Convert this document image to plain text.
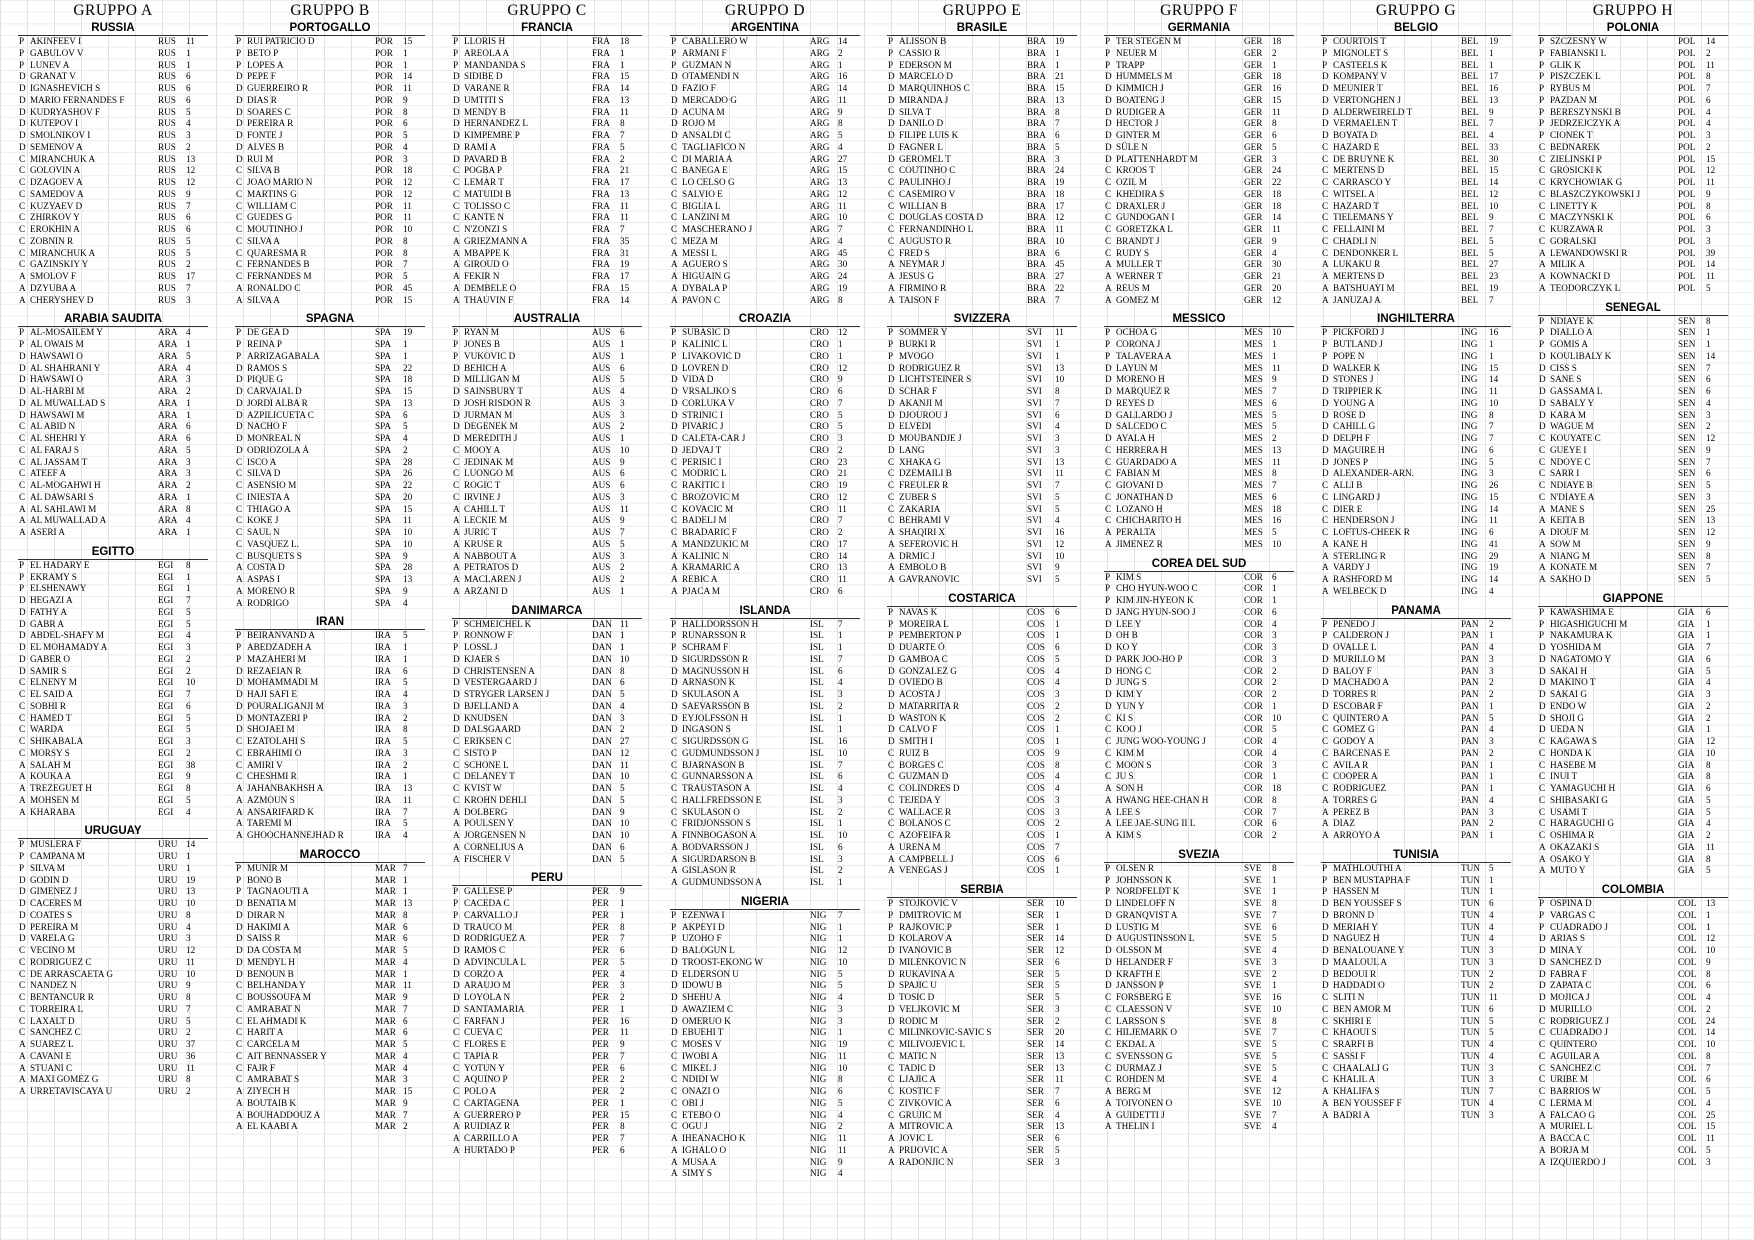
GRUPPO A
RUSSIA
P AKINFEEV I	RUS	11
P GABULOV V	RUS	1
P LUNEV A	RUS	1
D GRANAT V	RUS	6
D IGNASHEVICH S	RUS	6
D MARIO FERNANDES F	RUS	6
D KUDRYASHOV F	RUS	5
D KUTEPOV I	RUS	4
D SMOLNIKOV I	RUS	3
D SEMENOV A	RUS	2
C MIRANCHUK A	RUS	13
C GOLOVIN A	RUS	12
C DZAGOEV A	RUS	12
C SAMEDOV A	RUS	9
C KUZYAEV D	RUS	7
C ZHIRKOV Y	RUS	6
C EROKHIN A	RUS	6
C ZOBNIN R	RUS	5
C MIRANCHUK A	RUS	5
C GAZINSKIY Y	RUS	2
A SMOLOV F	RUS	17
A DZYUBA A	RUS	7
A CHERYSHEV D	RUS	3
ARABIA SAUDITA
P AL-MOSAILEM Y	ARA 4
P AL OWAIS M	ARA 1
D HAWSAWI O	ARA 5
D AL SHAHRANI Y	ARA 4
D HAWSAWI O	ARA 3
D AL-HARBI M	ARA 2
D AL MUWALLAD S	ARA 1
D HAWSAWI M	ARA 1
C AL ABID N	ARA 6
C AL SHEHRI Y	ARA 6
C AL FARAJ S	ARA 5
C AL JASSAM T	ARA 3
C ATEEF A	ARA 3
C AL-MOGAHWI H	ARA 2
C AL DAWSARI S	ARA 1
A AL SAHLAWI M	ARA 8
A AL MUWALLAD A	ARA 4
A ASERI A	ARA 1
EGITTO
P EL HADARY E	EGI	8
P EKRAMY S	EGI	1
P ELSHENAWY	EGI	1
D HEGAZI A	EGI	7
D FATHY A	EGI	5
D GABR A	EGI	5
D ABDEL-SHAFY M	EGI	4
D EL MOHAMADY A	EGI	3
D GABER O	EGI	2
D SAMIR S	EGI	2
C ELNENY M	EGI	10
C EL SAID A	EGI	7
C SOBHI R	EGI	6
C HAMED T	EGI	5
C WARDA	EGI	5
C SHIKABALA	EGI	3
C MORSY S	EGI	2
A SALAH M	EGI	38
A KOUKA A	EGI	9
A TREZEGUET H	EGI	8
A MOHSEN M	EGI	5
A KHARABA	EGI	4
URUGUAY
P MUSLERA F	URU 14
P CAMPANA M	URU 1
P SILVA M	URU 1
D GODIN D	URU 19
D GIMENEZ J	URU 13
D CACERES M	URU 10
D COATES S	URU 8
D PEREIRA M	URU 4
D VARELA G	URU 3
C VECINO M	URU 12
C RODRIGUEZ C	URU 11
C DE ARRASCAETA G	URU 10
C NANDEZ N	URU 9
C BENTANCUR R	URU 8
C TORREIRA L	URU 7
C LAXALT D	URU 5
C SANCHEZ C	URU 2
A SUAREZ L	URU 37
A CAVANI E	URU 36
A STUANI C	URU 11
A MAXI GOMEZ G	URU 8
A URRETAVISCAYA U	URU 2
GRUPPO B
PORTOGALLO
P RUI PATRICIO D	POR	15
P BETO P	POR	1
P LOPES A	POR	1
D PEPE F	POR	14
D GUERREIRO R	POR	11
D DIAS R	POR	9
D SOARES C	POR	8
D PEREIRA R	POR	6
D FONTE J	POR	5
D ALVES B	POR	4
D RUI M	POR	3
C SILVA B	POR	18
C JOAO MARIO N	POR	12
C MARTINS G	POR	12
C WILLIAM C	POR	11
C GUEDES G	POR	11
C MOUTINHO J	POR	10
C SILVA A	POR	8
C QUARESMA R	POR	8
C FERNANDES B	POR	7
C FERNANDES M	POR	5
A RONALDO C	POR	45
A SILVA A	POR	15
SPAGNA
P DE GEA D	SPA	19
P REINA P	SPA	1
P ARRIZAGABALA	SPA	1
D RAMOS S	SPA	22
D PIQUE G	SPA	18
D CARVAJAL D	SPA	15
D JORDI ALBA R	SPA	13
D AZPILICUETA C	SPA	6
D NACHO F	SPA	5
D MONREAL N	SPA	4
D ODRIOZOLA Á	SPA	2
C ISCO A	SPA	28
C SILVA D	SPA	26
C ASENSIO M	SPA	22
C INIESTA A	SPA	20
C THIAGO A	SPA	15
C KOKE J	SPA	11
C SAUL N	SPA	10
C VASQUEZ L.	SPA	10
C BUSQUETS S	SPA	9
A COSTA D	SPA	28
A ASPAS I	SPA	13
A MORENO R	SPA	9
A RODRIGO	SPA	4
IRAN
P BEIRANVAND A	IRA	5
P ABEDZADEH A	IRA	1
P MAZAHERI M	IRA	1
D REZAEIAN R	IRA	6
D MOHAMMADI M	IRA	5
D HAJI SAFI E	IRA	4
D POURALIGANJI M	IRA	3
D MONTAZERI P	IRA	2
D SHOJAEI M	IRA	8
C EZATOLAHI S	IRA	5
C EBRAHIMI O	IRA	3
C AMIRI V	IRA	2
C CHESHMI R	IRA	1
A JAHANBAKHSH A	IRA	13
A AZMOUN S	IRA	11
A ANSARIFARD K	IRA	7
A TAREMI M	IRA	5
A GHOOCHANNEJHAD R	IRA	4
MAROCCO
P MUNIR M	MAR 7
P BONO B	MAR 1
P TAGNAOUTI A	MAR 1
D BENATIA M	MAR 13
D DIRAR N	MAR 8
D HAKIMI A	MAR 6
D SAISS R	MAR 6
D DA COSTA M	MAR 5
D MENDYL H	MAR 4
D BENOUN B	MAR 1
C BELHANDA Y	MAR 11
C BOUSSOUFA M	MAR 9
C AMRABAT N	MAR 7
C EL AHMADI K	MAR 6
C HARIT A	MAR 6
C CARCELA M	MAR 5
C AIT BENNASSER Y	MAR 4
C FAJR F	MAR 4
C AMRABAT S	MAR 3
A ZIYECH H	MAR 15
A BOUTAIB K	MAR 9
A BOUHADDOUZ A	MAR 7
A EL KAABI A	MAR 2
GRUPPO C
FRANCIA
P LLORIS H	FRA	18
P AREOLA A	FRA	1
P MANDANDA S	FRA	1
D SIDIBE D	FRA	15
D VARANE R	FRA	14
D UMTITI S	FRA	13
D MENDY B	FRA	11
D HERNANDEZ L	FRA	8
D KIMPEMBE P	FRA	7
D RAMI A	FRA	5
D PAVARD B	FRA	2
C POGBA P	FRA	21
C LEMAR T	FRA	17
C MATUIDI B	FRA	13
C TOLISSO C	FRA	11
C KANTE N	FRA	11
C N'ZONZI S	FRA	7
A GRIEZMANN A	FRA	35
A MBAPPE K	FRA	31
A GIROUD O	FRA	19
A FEKIR N	FRA	17
A DEMBELE O	FRA	15
A THAUVIN F	FRA	14
AUSTRALIA
P RYAN M	AUS	6
P JONES B	AUS	1
P VUKOVIC D	AUS	1
D BEHICH A	AUS	6
D MILLIGAN M	AUS	5
D SAINSBURY T	AUS	4
D JOSH RISDON R	AUS	3
D JURMAN M	AUS	3
D DEGENEK M	AUS	2
D MEREDITH J	AUS	1
C MOOY A	AUS	10
C JEDINAK M	AUS	9
C LUONGO M	AUS	6
C ROGIC T	AUS	6
C IRVINE J	AUS	3
A CAHILL T	AUS	11
A LECKIE M	AUS	9
A JURIC T	AUS	7
A KRUSE R	AUS	5
A NABBOUT A	AUS	3
A PETRATOS D	AUS	2
A MACLAREN J	AUS	2
A ARZANI D	AUS	1
DANIMARCA
P SCHMEICHEL K	DAN 11
P RONNOW F	DAN 1
P LOSSL J	DAN 1
D KJAER S	DAN 10
D CHRISTENSEN A	DAN 8
D VESTERGAARD J	DAN 6
D STRYGER LARSEN J	DAN 5
D BJELLAND A	DAN 4
D KNUDSEN	DAN 3
D DALSGAARD	DAN 2
C ERIKSEN C	DAN 27
C SISTO P	DAN 12
C SCHONE L	DAN 11
C DELANEY T	DAN 10
C KVIST W	DAN 5
C KROHN DEHLI	DAN 5
A DOLBERG	DAN 9
A POULSEN Y	DAN 10
A JORGENSEN N	DAN 10
A CORNELIUS A	DAN 6
A FISCHER V	DAN 5
PERU
P GALLESE P	PER	9
P CACEDA C	PER	1
P CARVALLO J	PER	1
D TRAUCO M	PER	8
D RODRIGUEZ A	PER	7
D RAMOS C	PER	6
D ADVINCULA L	PER	5
D CORZO A	PER	4
D ARAUJO M	PER	3
D LOYOLA N	PER	2
D SANTAMARIA	PER	1
C FARFAN J	PER	16
C CUEVA C	PER	11
C FLORES E	PER	9
C TAPIA R	PER	7
C YOTUN Y	PER	6
C AQUINO P	PER	2
C POLO A	PER	2
C CARTAGENA	PER	1
A GUERRERO P	PER	15
A RUIDIAZ R	PER	8
A CARRILLO A	PER	7
A HURTADO P	PER	6
GRUPPO D
ARGENTINA
P CABALLERO W	ARG 14
P ARMANI F	ARG 2
P GUZMAN N	ARG 1
D OTAMENDI N	ARG 16
D FAZIO F	ARG 14
D MERCADO G	ARG 11
D ACUNA M	ARG 9
D ROJO M	ARG 8
D ANSALDI C	ARG 5
C TAGLIAFICO N	ARG 4
C DI MARIA A	ARG 27
C BANEGA E	ARG 15
C LO CELSO G	ARG 13
C SALVIO E	ARG 12
C BIGLIA L	ARG 11
C LANZINI M	ARG 10
C MASCHERANO J	ARG 7
C MEZA M	ARG 4
A MESSI L	ARG 45
A AGUERO S	ARG 30
A HIGUAIN G	ARG 24
A DYBALA P	ARG 19
A PAVON C	ARG 8
CROAZIA
P SUBASIC D	CRO 12
P KALINIC L	CRO 1
P LIVAKOVIC D	CRO 1
D LOVREN D	CRO 12
D VIDA D	CRO 9
D VRSALJKO S	CRO 6
D CORLUKA V	CRO 7
D STRINIC I	CRO 5
D PIVARIC J	CRO 5
D CALETA-CAR J	CRO 3
D JEDVAJ T	CRO 2
C PERISIC I	CRO 23
C MODRIC L	CRO 21
C RAKITIC I	CRO 19
C BROZOVIC M	CRO 12
C KOVACIC M	CRO 11
C BADELJ M	CRO 7
C BRADARIC F	CRO 2
A MANDZUKIC M	CRO 17
A KALINIC N	CRO 14
A KRAMARIC A	CRO 13
A REBIC A	CRO 11
A PJACA M	CRO 6
ISLANDA
P HALLDORSSON H	ISL	7
P RUNARSSON R	ISL	1
P SCHRAM F	ISL	1
D SIGURDSSON R	ISL	7
D MAGNUSSON H	ISL	6
D ARNASON K	ISL	4
D SKULASON A	ISL	3
D SAEVARSSON B	ISL	2
D EYJOLFSSON H	ISL	1
D INGASON S	ISL	1
C SIGURDSSON G	ISL	16
C GUDMUNDSSON J	ISL	10
C BJARNASON B	ISL	7
C GUNNARSSON A	ISL	6
C TRAUSTASON A	ISL	4
C HALLFREDSSON E	ISL	3
C SKULASON O	ISL	2
C FRIDJONSSON S	ISL	1
A FINNBOGASON A	ISL	10
A BODVARSSON J	ISL	6
A SIGURDARSON B	ISL	3
A GISLASON R	ISL	2
A GUDMUNDSSON A	ISL	1
NIGERIA
P EZENWA I	NIG	7
P AKPEYI D	NIG	1
P UZOHO F	NIG	1
D BALOGUN L	NIG	12
D TROOST-EKONG W	NIG	10
D ELDERSON U	NIG	5
D IDOWU B	NIG	5
D SHEHU A	NIG	4
D AWAZIEM C	NIG	3
D OMERUO K	NIG	3
D EBUEHI T	NIG	1
C MOSES V	NIG	19
C IWOBI A	NIG	11
C MIKEL J	NIG	10
C NDIDI W	NIG	8
C ONAZI O	NIG	6
C OBI J	NIG	5
C ETEBO O	NIG	4
C OGU J	NIG	2
A IHEANACHO K	NIG	11
A IGHALO O	NIG	11
A MUSA A	NIG	9
A SIMY S	NIG	4
GRUPPO E
BRASILE
P ALISSON B	BRA 19
P CASSIO R	BRA 1
P EDERSON M	BRA 1
D MARCELO D	BRA 21
D MARQUINHOS C	BRA 15
D MIRANDA J	BRA 13
D SILVA T	BRA 8
D DANILO D	BRA 7
D FILIPE LUIS K	BRA 6
D FAGNER L	BRA 5
D GEROMEL T	BRA 3
C COUTINHO C	BRA 24
C PAULINHO J	BRA 19
C CASEMIRO V	BRA 18
C WILLIAN B	BRA 17
C DOUGLAS COSTA D	BRA 12
C FERNANDINHO L	BRA 11
C AUGUSTO R	BRA 10
C FRED S	BRA 6
A NEYMAR J	BRA 45
A JESUS G	BRA 27
A FIRMINO R	BRA 22
A TAISON F	BRA 7
SVIZZERA
P SOMMER Y	SVI	11
P BURKI R	SVI	1
P MVOGO	SVI	1
D RODRIGUEZ R	SVI	13
D LICHTSTEINER S	SVI	10
D SCHAR F	SVI	8
D AKANJI M	SVI	7
D DJOUROU J	SVI	6
D ELVEDI	SVI	4
D MOUBANDJE J	SVI	3
D LANG	SVI	3
C XHAKA G	SVI	13
C DZEMAILI B	SVI	11
C FREULER R	SVI	7
C ZUBER S	SVI	5
C ZAKARIA	SVI	5
C BEHRAMI V	SVI	4
A SHAQIRI X	SVI	16
A SEFEROVIC H	SVI	12
A DRMIC J	SVI	10
A EMBOLO B	SVI	9
A GAVRANOVIC	SVI	5
COSTARICA
P NAVAS K	COS	6
P MOREIRA L	COS	1
P PEMBERTON P	COS	1
D DUARTE Ó	COS	6
D GAMBOA C	COS	5
D GONZALEZ G	COS	4
D OVIEDO B	COS	4
D ACOSTA J	COS	3
D MATARRITA R	COS	2
D WASTON K	COS	2
D CALVO F	COS	1
D SMITH I	COS	1
C RUIZ B	COS	9
C BORGES C	COS	8
C GUZMAN D	COS	4
C COLINDRES D	COS	4
C TEJEDA Y	COS	3
C WALLACE R	COS	3
C BOLANOS C	COS	2
C AZOFEIFA R	COS	1
A URENA M	COS	7
A CAMPBELL J	COS	6
A VENEGAS J	COS	1
SERBIA
P STOJKOVIC V	SER	10
P DMITROVIC M	SER	1
P RAJKOVIC P	SER	1
D KOLAROV A	SER	14
D IVANOVIC B	SER	12
D MILENKOVIC N	SER	6
D RUKAVINA A	SER	5
D SPAJIC U	SER	5
D TOSIC D	SER	5
D VELJKOVIC M	SER	3
D RODIC M	SER	2
C MILINKOVIC-SAVIC S	SER	20
C MILIVOJEVIC L	SER	14
C MATIC N	SER	13
C TADIC D	SER	13
C LJAJIC A	SER	11
C KOSTIC F	SER	7
C ZIVKOVIC A	SER	6
C GRUJIC M	SER	4
A MITROVIC A	SER	13
A JOVIC L	SER	6
A PRIJOVIC A	SER	5
A RADONJIC N	SER	3
GRUPPO F
GERMANIA
P TER STEGEN M	GER	18
P NEUER M	GER	2
P TRAPP	GER	1
D HUMMELS M	GER	18
D KIMMICH J	GER	16
D BOATENG J	GER	15
D RUDIGER A	GER	11
D HECTOR J	GER	8
D GINTER M	GER	6
D SÜLE N	GER	5
D PLATTENHARDT M	GER	3
C KROOS T	GER	24
C OZIL M	GER	22
C KHEDIRA S	GER	18
C DRAXLER J	GER	18
C GUNDOGAN I	GER	14
C GORETZKA L	GER	11
C BRANDT J	GER	9
C RUDY S	GER	4
A MULLER T	GER	30
A WERNER T	GER	21
A REUS M	GER	20
A GOMEZ M	GER	12
MESSICO
P OCHOA G	MES 10
P CORONA J	MES 1
P TALAVERA A	MES 1
D LAYUN M	MES 11
D MORENO H	MES 9
D MARQUEZ R	MES 7
D REYES D	MES 6
D GALLARDO J	MES 5
D SALCEDO C	MES 5
D AYALA H	MES 2
C HERRERA H	MES 13
C GUARDADO A	MES 11
C FABIAN M	MES 8
C GIOVANI D	MES 7
C JONATHAN D	MES 6
C LOZANO H	MES 18
C CHICHARITO H	MES 16
A PERALTA	MES 5
A JIMENEZ R	MES 10
COREA DEL SUD
P KIM S	COR 6
P CHO HYUN-WOO C	COR 1
P KIM JIN-HYEON K	COR 1
D JANG HYUN-SOO J	COR 6
D LEE Y	COR 4
D OH B	COR 3
D KO Y	COR 3
D PARK JOO-HO P	COR 3
D HONG C	COR 2
D JUNG S	COR 2
D KIM Y	COR 2
D YUN Y	COR 1
C KI S	COR 10
C KOO J	COR 5
C JUNG WOO-YOUNG J	COR 4
C KIM M	COR 4
C MOON S	COR 3
C JU S	COR 1
A SON H	COR 18
A HWANG HEE-CHAN H	COR 8
A LEE S	COR 7
A LEE JAE-SUNG II L	COR 6
A KIM S	COR 2
SVEZIA
P OLSEN R	SVE	8
P JOHNSSON K	SVE	1
P NORDFELDT K	SVE	1
D LINDELOFF N	SVE	8
D GRANQVIST A	SVE	7
D LUSTIG M	SVE	6
D AUGUSTINSSON L	SVE	5
D OLSSON M	SVE	4
D HELANDER F	SVE	3
D KRAFTH E	SVE	2
D JANSSON P	SVE	1
C FORSBERG E	SVE	16
C CLAESSON V	SVE	10
C LARSSON S	SVE	8
C HILJEMARK O	SVE	7
C EKDAL A	SVE	5
C SVENSSON G	SVE	5
C DURMAZ J	SVE	5
C ROHDEN M	SVE	4
A BERG M	SVE	12
A TOIVONEN O	SVE	10
A GUIDETTI J	SVE	7
A THELIN I	SVE	4
GRUPPO G
BELGIO
P COURTOIS T	BEL	19
P MIGNOLET S	BEL	1
P CASTEELS K	BEL	1
D KOMPANY V	BEL	17
D MEUNIER T	BEL	16
D VERTONGHEN J	BEL	13
D ALDERWEIRELD T	BEL	9
D VERMAELEN T	BEL	7
D BOYATA D	BEL	4
C HAZARD E	BEL	33
C DE BRUYNE K	BEL	30
C MERTENS D	BEL	15
C CARRASCO Y	BEL	14
C WITSEL A	BEL	12
C HAZARD T	BEL	10
C TIELEMANS Y	BEL	9
C FELLAINI M	BEL	7
C CHADLI N	BEL	5
C DENDONKER L	BEL	5
A LUKAKU R	BEL	27
A MERTENS D	BEL	23
A BATSHUAYI M	BEL	19
A JANUZAJ A	BEL	7
INGHILTERRA
P PICKFORD J	ING	16
P BUTLAND J	ING	1
P POPE N	ING	1
D WALKER K	ING	15
D STONES J	ING	14
D TRIPPIER K	ING	11
D YOUNG A	ING	10
D ROSE D	ING	8
D CAHILL G	ING	7
D DELPH F	ING	7
D MAGUIRE H	ING	6
D JONES P	ING	5
D ALEXANDER-ARN.	ING	3
C ALLI B	ING	26
C LINGARD J	ING	15
C DIER E	ING	14
C HENDERSON J	ING	11
C LOFTUS-CHEEK R	ING	6
A KANE H	ING	41
A STERLING R	ING	29
A VARDY J	ING	19
A RASHFORD M	ING	14
A WELBECK D	ING	4
PANAMA
P PENEDO J	PAN	2
P CALDERON J	PAN	1
D OVALLE L	PAN	4
D MURILLO M	PAN	3
D BALOY F	PAN	3
D MACHADO A	PAN	2
D TORRES R	PAN	2
D ESCOBAR F	PAN	1
C QUINTERO A	PAN	5
C GOMEZ G	PAN	4
C GODOY A	PAN	3
C BARCENAS E	PAN	2
C AVILA R	PAN	1
C COOPER A	PAN	1
C RODRIGUEZ	PAN	1
A TORRES G	PAN	4
A PEREZ B	PAN	3
A DIAZ	PAN	2
A ARROYO A	PAN	1
TUNISIA
P MATHLOUTHI A	TUN 5
P BEN MUSTAPHA F	TUN 1
P HASSEN M	TUN 1
D BEN YOUSSEF S	TUN 6
D BRONN D	TUN 4
D MERIAH Y	TUN 4
D NAGUEZ H	TUN 4
D BENALOUANE Y	TUN 3
D MAALOUL A	TUN 3
D BEDOUI R	TUN 2
D HADDADI O	TUN 2
C SLITI N	TUN 11
C BEN AMOR M	TUN 6
C SKHIRI E	TUN 5
C KHAOUI S	TUN 5
C SRARFI B	TUN 4
C SASSI F	TUN 4
C CHAALALI G	TUN 3
C KHALIL A	TUN 3
A KHALIFA S	TUN 7
A BEN YOUSSEF F	TUN 4
A BADRI A	TUN 3
GRUPPO H
POLONIA
P SZCZESNY W	POL	14
P FABIANSKI L	POL	2
P GLIK K	POL	11
P PISZCZEK L	POL	8
P RYBUS M	POL	7
P PAZDAN M	POL	6
P BERESZYNSKI B	POL	4
P JEDRZEJCZYK A	POL	4
P CIONEK T	POL	3
C BEDNAREK	POL	2
C ZIELINSKI P	POL	15
C GROSICKI K	POL	12
C KRYCHOWIAK G	POL	11
C BLASZCZYKOWSKI J	POL	9
C LINETTY K	POL	8
C MACZYNSKI K	POL	6
C KURZAWA R	POL	3
C GORALSKI	POL	3
A LEWANDOWSKI R	POL	39
A MILIK A	POL	14
A KOWNACKI D	POL	11
A TEODORCZYK L	POL	5
SENEGAL
P NDIAYE K	SEN	8
P DIALLO A	SEN	1
P GOMIS A	SEN	1
D KOULIBALY K	SEN	14
D CISS S	SEN	7
D SANE S	SEN	6
D GASSAMA L	SEN	6
D SABALY Y	SEN	4
D KARA M	SEN	3
D WAGUE M	SEN	2
C KOUYATE C	SEN	12
C GUEYE I	SEN	9
C NDOYE C	SEN	7
C SARR I	SEN	6
C NDIAYE B	SEN	5
C N'DIAYE A	SEN	3
A MANE S	SEN	25
A KEITA B	SEN	13
A DIOUF M	SEN	12
A SOW M	SEN	9
A NIANG M	SEN	8
A KONATE M	SEN	7
A SAKHO D	SEN	5
GIAPPONE
P KAWASHIMA E	GIA	6
P HIGASHIGUCHI M	GIA	1
P NAKAMURA K	GIA	1
D YOSHIDA M	GIA	7
D NAGATOMO Y	GIA	6
D SAKAI H	GIA	5
D MAKINO T	GIA	4
D SAKAI G	GIA	3
D ENDO W	GIA	2
D SHOJI G	GIA	2
D UEDA N	GIA	1
C KAGAWA S	GIA	12
C HONDA K	GIA	10
C HASEBE M	GIA	8
C INUI T	GIA	8
C YAMAGUCHI H	GIA	6
C SHIBASAKI G	GIA	5
C USAMI T	GIA	5
C HARAGUCHI G	GIA	4
C OSHIMA R	GIA	2
A OKAZAKI S	GIA	11
A OSAKO Y	GIA	8
A MUTO Y	GIA	5
COLOMBIA
P OSPINA D	COL	13
P VARGAS C	COL	1
P CUADRADO J	COL	1
D ARIAS S	COL	12
D MINA Y	COL	10
D SANCHEZ D	COL	9
D FABRA F	COL	8
D ZAPATA C	COL	6
D MOJICA J	COL	4
D MURILLO	COL	2
C RODRIGUEZ J	COL	24
C CUADRADO J	COL	14
C QUINTERO	COL	10
C AGUILAR A	COL	8
C SANCHEZ C	COL	7
C URIBE M	COL	6
C BARRIOS W	COL	5
C LERMA M	COL	4
A FALCAO G	COL	25
A MURIEL L	COL	15
A BACCA C	COL	11
A BORJA M	COL	5
A IZQUIERDO J	COL	3
